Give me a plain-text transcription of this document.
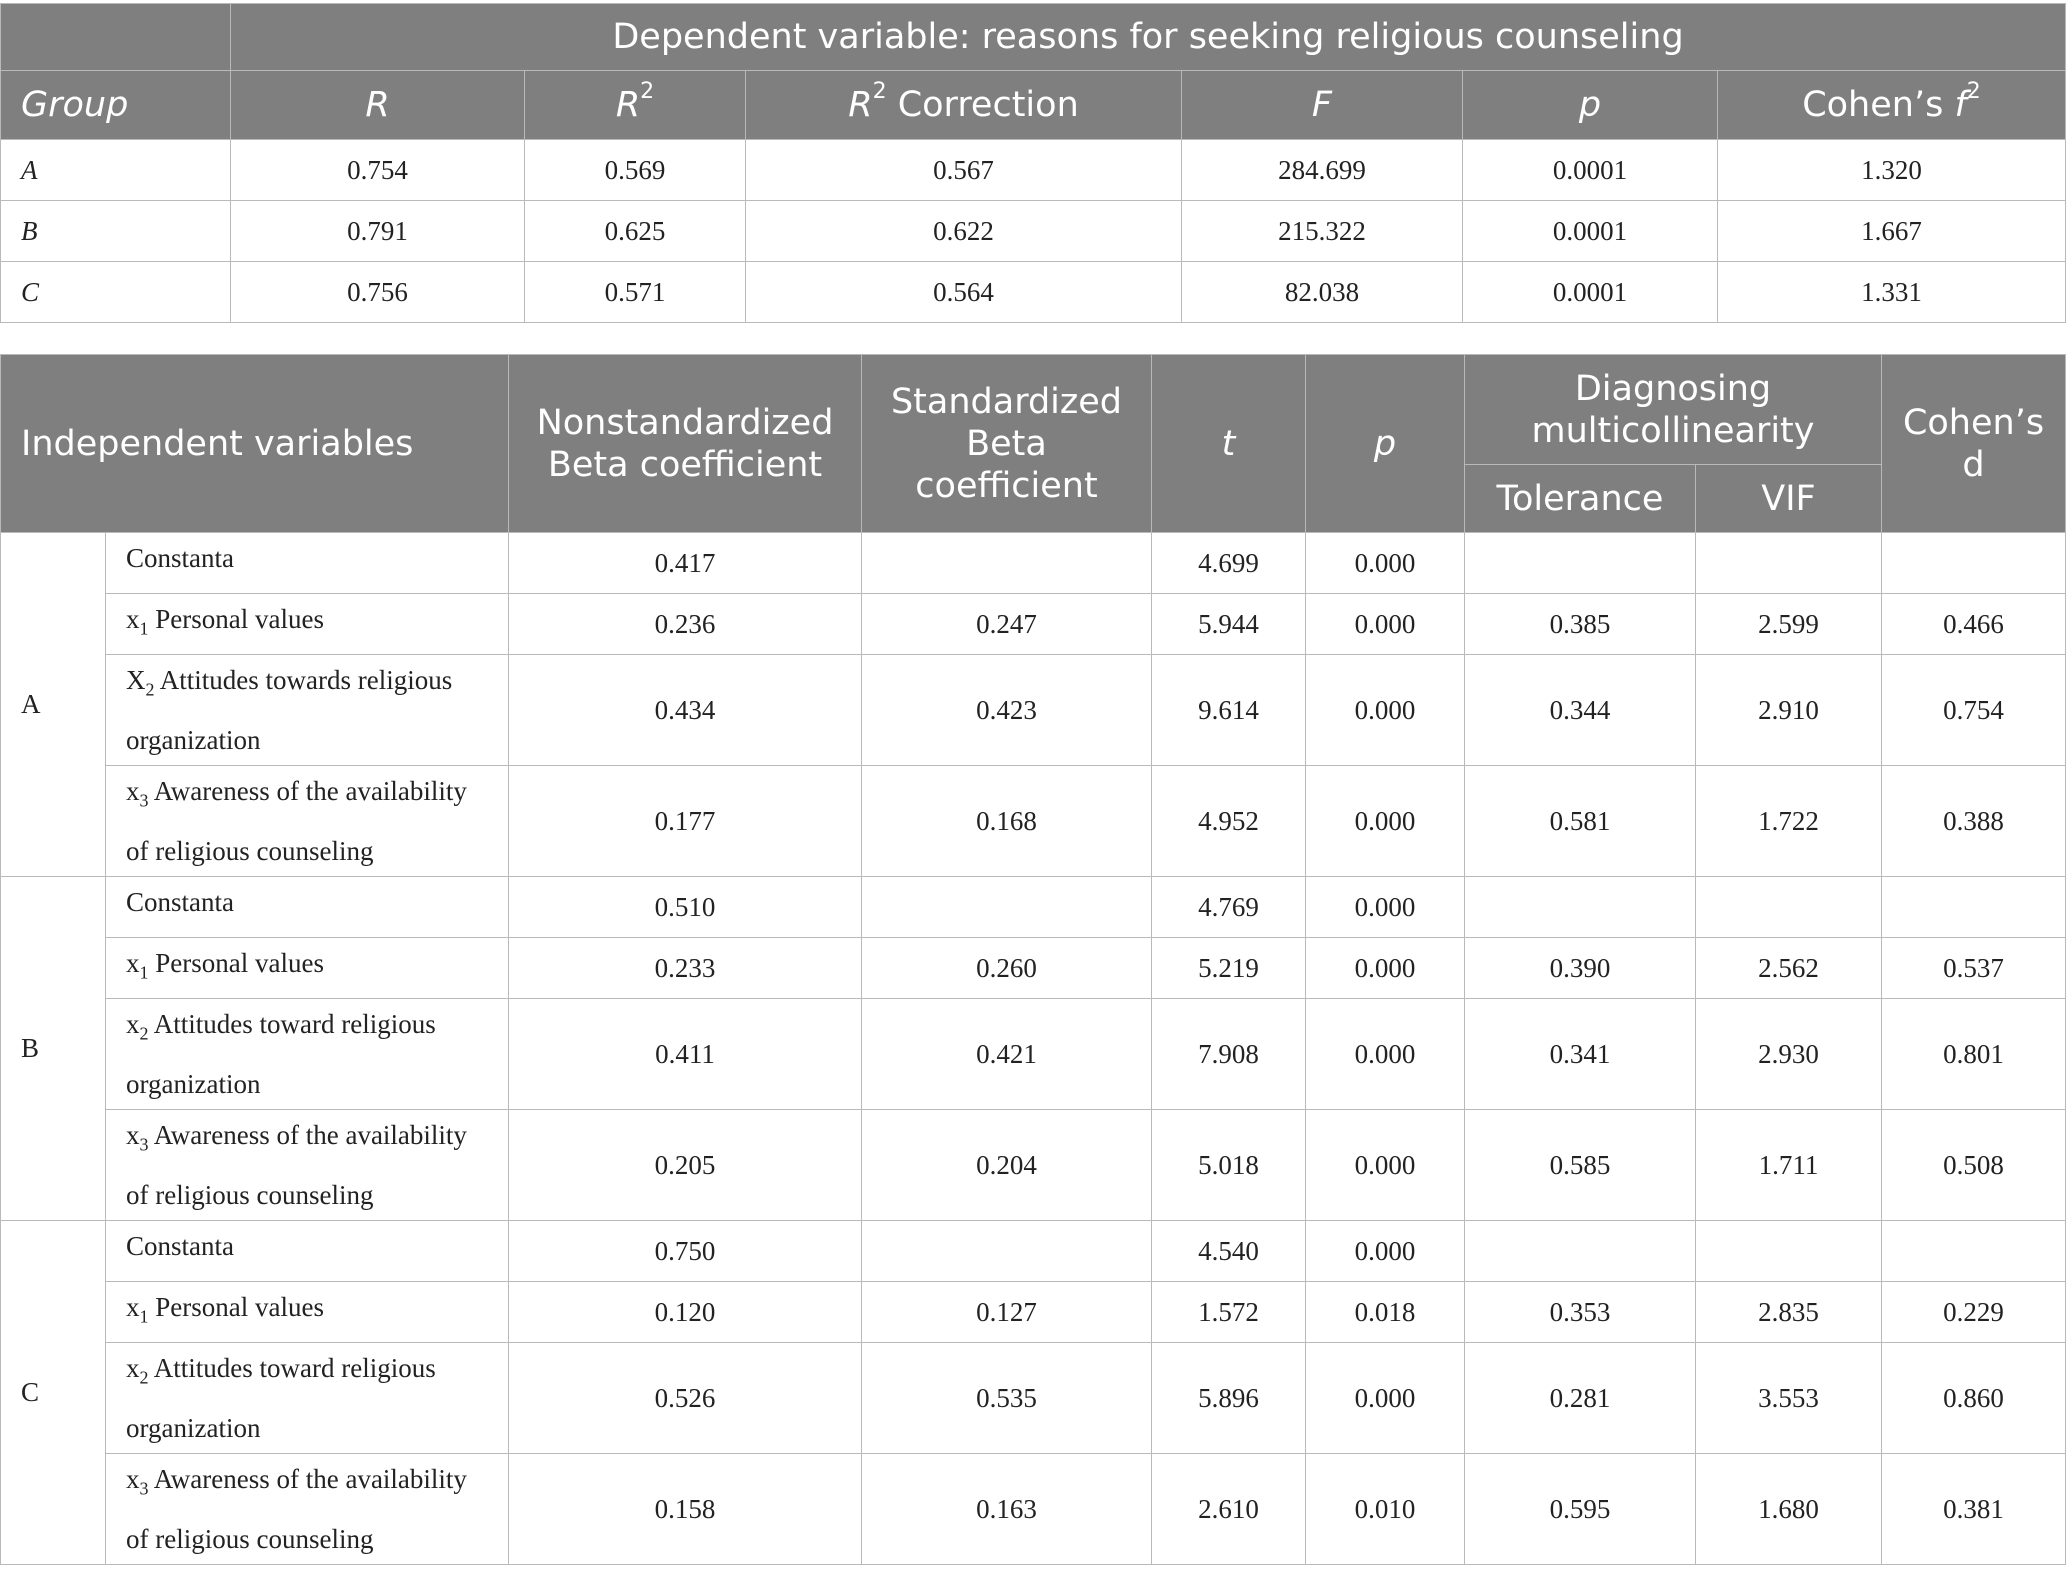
	Dependent variable: reasons for seeking religious counseling					
Group	R	$R^2$	$R^2$ Correction	F	p	Cohen’s $f^2$
A	0.754	0.569	0.567	284.699	0.0001	1.320
B	0.791	0.625	0.622	215.322	0.0001	1.667
C	0.756	0.571	0.564	82.038	0.0001	1.331
Independent variables		Nonstandardized Beta coefficient	Standardized Beta coefficient	t	p	Diagnosing multicollinearity		Cohen’s d
						Tolerance	VIF	
A	Constanta	0.417		4.699	0.000			
	$x_1$ Personal values	0.236	0.247	5.944	0.000	0.385	2.599	0.466
	$X_2$ Attitudes towards religious organization	0.434	0.423	9.614	0.000	0.344	2.910	0.754
	$x_3$ Awareness of the availability of religious counseling	0.177	0.168	4.952	0.000	0.581	1.722	0.388
B	Constanta	0.510		4.769	0.000			
	$x_1$ Personal values	0.233	0.260	5.219	0.000	0.390	2.562	0.537
	$x_2$ Attitudes toward religious organization	0.411	0.421	7.908	0.000	0.341	2.930	0.801
	$x_3$ Awareness of the availability of religious counseling	0.205	0.204	5.018	0.000	0.585	1.711	0.508
C	Constanta	0.750		4.540	0.000			
	$x_1$ Personal values	0.120	0.127	1.572	0.018	0.353	2.835	0.229
	$x_2$ Attitudes toward religious organization	0.526	0.535	5.896	0.000	0.281	3.553	0.860
	$x_3$ Awareness of the availability of religious counseling	0.158	0.163	2.610	0.010	0.595	1.680	0.381
